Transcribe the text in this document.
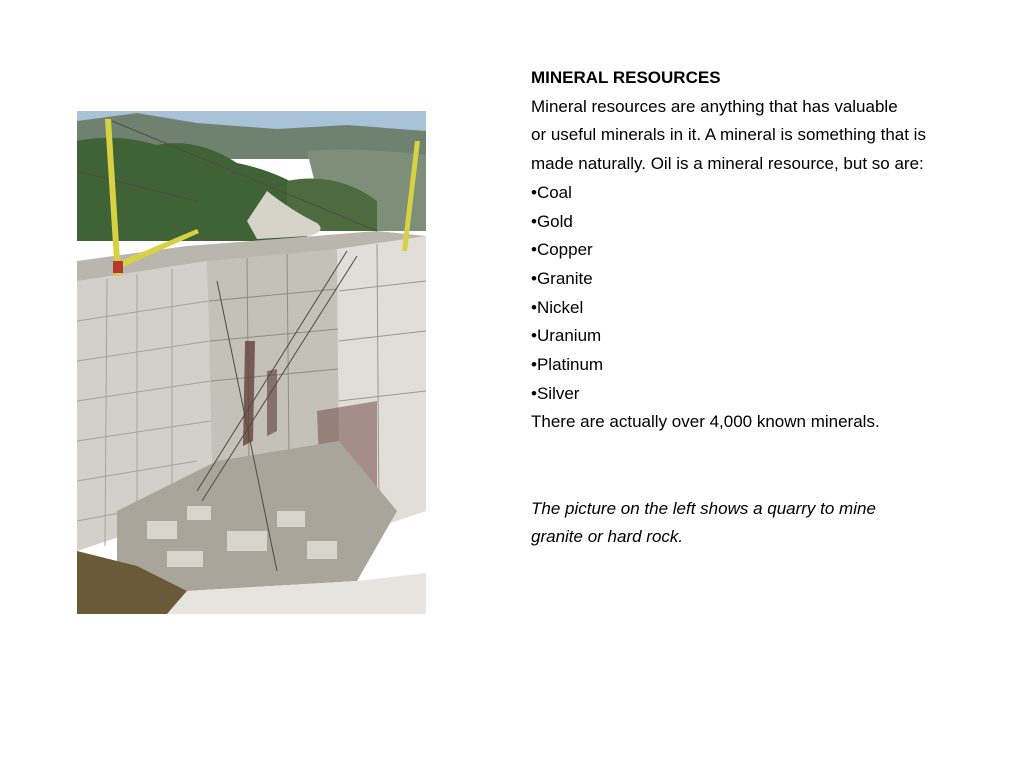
MINERAL RESOURCES
Mineral resources are anything that has valuable
or useful minerals in it. A mineral is something that is
made naturally. Oil is a mineral resource, but so are:
•Coal
•Gold
•Copper
•Granite
•Nickel
•Uranium
•Platinum
•Silver
There are actually over 4,000 known minerals.
The picture on the left shows a quarry to mine
granite or hard rock.
